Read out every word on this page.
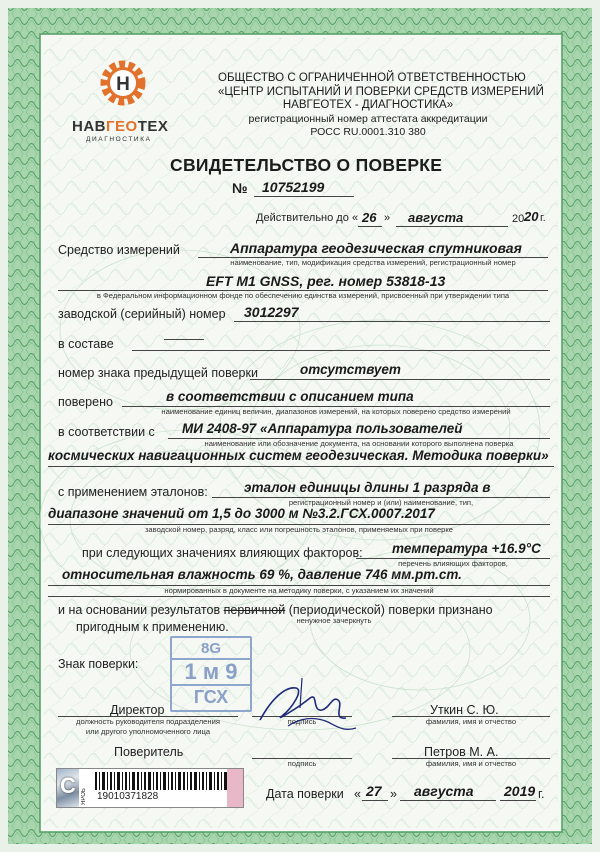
Н
НАВГЕОТЕХ
ДИАГНОСТИКА
ОБЩЕСТВО С ОГРАНИЧЕННОЙ ОТВЕТСТВЕННОСТЬЮ
«ЦЕНТР ИСПЫТАНИЙ И ПОВЕРКИ СРЕДСТВ ИЗМЕРЕНИЙ
НАВГЕОТЕХ - ДИАГНОСТИКА»
регистрационный номер аттестата аккредитации
РОСС RU.0001.310 380
СВИДЕТЕЛЬСТВО О ПОВЕРКЕ
№ 10752199
Действительно до « 26 » августа	20 20 г.
Средство измерений	Аппаратура геодезическая спутниковая
наименование, тип, модификация средства измерений, регистрационный номер
EFT M1 GNSS, рег. номер 53818-13
в Федеральном информационном фонде по обеспечению единства измерений, присвоенный при утверждении типа
заводской (серийный) номер 3012297
в составе
номер знака предыдущей поверки	отсутствует
поверено	в соответствии с описанием типа
наименование единиц величин, диапазонов измерений, на которых поверено средство измерений
в соответствии с МИ 2408-97 «Аппаратура пользователей
наименование или обозначение документа, на основании которого выполнена поверка
космических навигационных систем геодезическая. Методика поверки»
с применением эталонов:	эталон единицы длины 1 разряда в
регистрационный номер и (или) наименование, тип,
диапазоне значений от 1,5 до 3000 м №3.2.ГСХ.0007.2017
заводской номер, разряд, класс или погрешность эталонов, применяемых при поверке
при следующих значениях влияющих факторов: температура +16.9°С
перечень влияющих факторов,
относительная влажность 69 %, давление 746 мм.рт.ст.
нормированных в документе на методику поверки, с указанием их значений
и на основании результатов первичной (периодической) поверки признано
пригодным к применению.	ненужное зачеркнуть
Знак поверки:
8G
1 м 9
ГСХ
Директор
должность руководителя подразделения
или другого уполномоченного лица
подпись
Уткин С. Ю.
фамилия, имя и отчество
Поверитель
подпись
Петров М. А.
фамилия, имя и отчество
С ЯРОБ	19010371828	Дата поверки « 27 » августа 2019 г.
